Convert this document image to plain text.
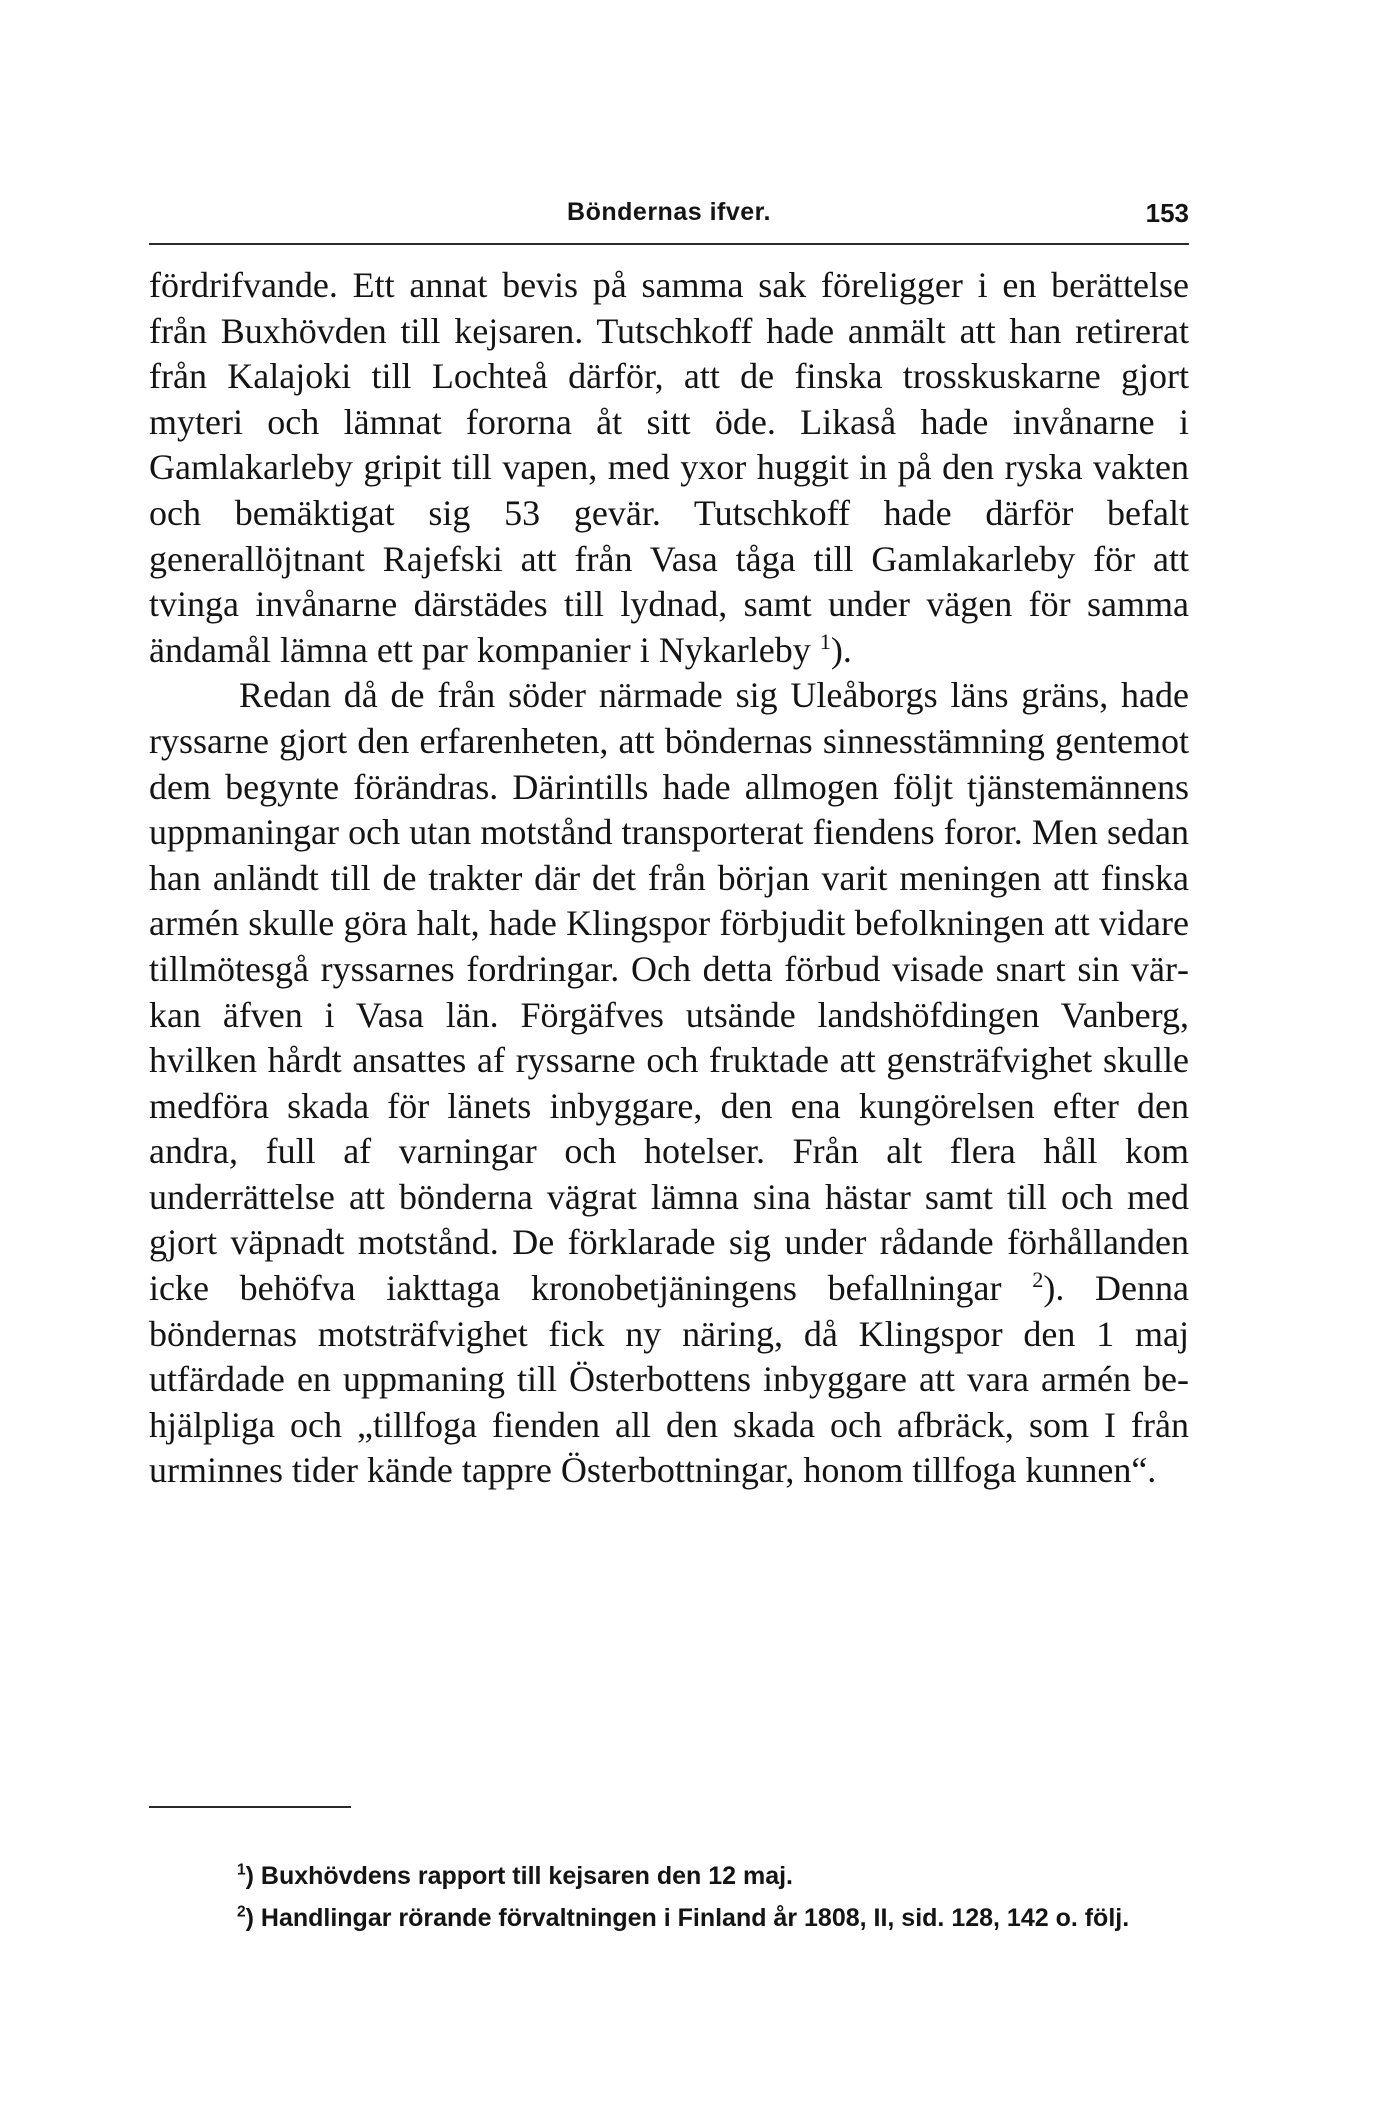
Böndernas ifver.	153

fördrifvande. Ett annat bevis på samma sak föreligger i en berättelse från Buxhövden till kejsaren. Tutschkoff hade anmält att han retirerat från Kalajoki till Lochteå därför, att de finska trosskuskarne gjort myteri och lämnat fororna åt sitt öde. Likaså hade invånarne i Gamlakarleby gripit till vapen, med yxor huggit in på den ryska vakten och bemäktigat sig 53 gevär. Tutschkoff hade därför befalt generallöjtnant Rajefski att från Vasa tåga till Gamlakarleby för att tvinga invånarne därstädes till lydnad, samt under vägen för samma ändamål lämna ett par kompanier i Nykarleby $^1$).

Redan då de från söder närmade sig Uleåborgs läns gräns, hade ryssarne gjort den erfarenheten, att böndernas sinnesstämning gentemot dem begynte förändras. Därintills hade allmogen följt tjänstemännens uppmaningar och utan motstånd transporterat fiendens foror. Men sedan han anländt till de trakter där det från början varit meningen att finska armén skulle göra halt, hade Klingspor förbjudit befolkningen att vidare tillmötesgå ryssarnes fordringar. Och detta förbud visade snart sin värkan äfven i Vasa län. Förgäfves utsände landshöfdingen Vanberg, hvilken hårdt ansattes af ryssarne och fruktade att gensträfvighet skulle medföra skada för länets inbyggare, den ena kungörelsen efter den andra, full af varningar och hotelser. Från alt flera håll kom underrättelse att bönderna vägrat lämna sina hästar samt till och med gjort väpnadt motstånd. De förklarade sig under rådande förhållanden icke behöfva iakttaga kronobetjäningens befallningar $^2$). Denna böndernas motsträfvighet fick ny näring, då Klingspor den 1 maj utfärdade en uppmaning till Österbottens inbyggare att vara armén behjälpliga och „tillfoga fienden all den skada och afbräck, som I från urminnes tider kände tappre Österbottningar, honom tillfoga kunnen“.

$^1$) Buxhövdens rapport till kejsaren den 12 maj.

$^2$) Handlingar rörande förvaltningen i Finland år 1808, II, sid. 128, 142 o. följ.
